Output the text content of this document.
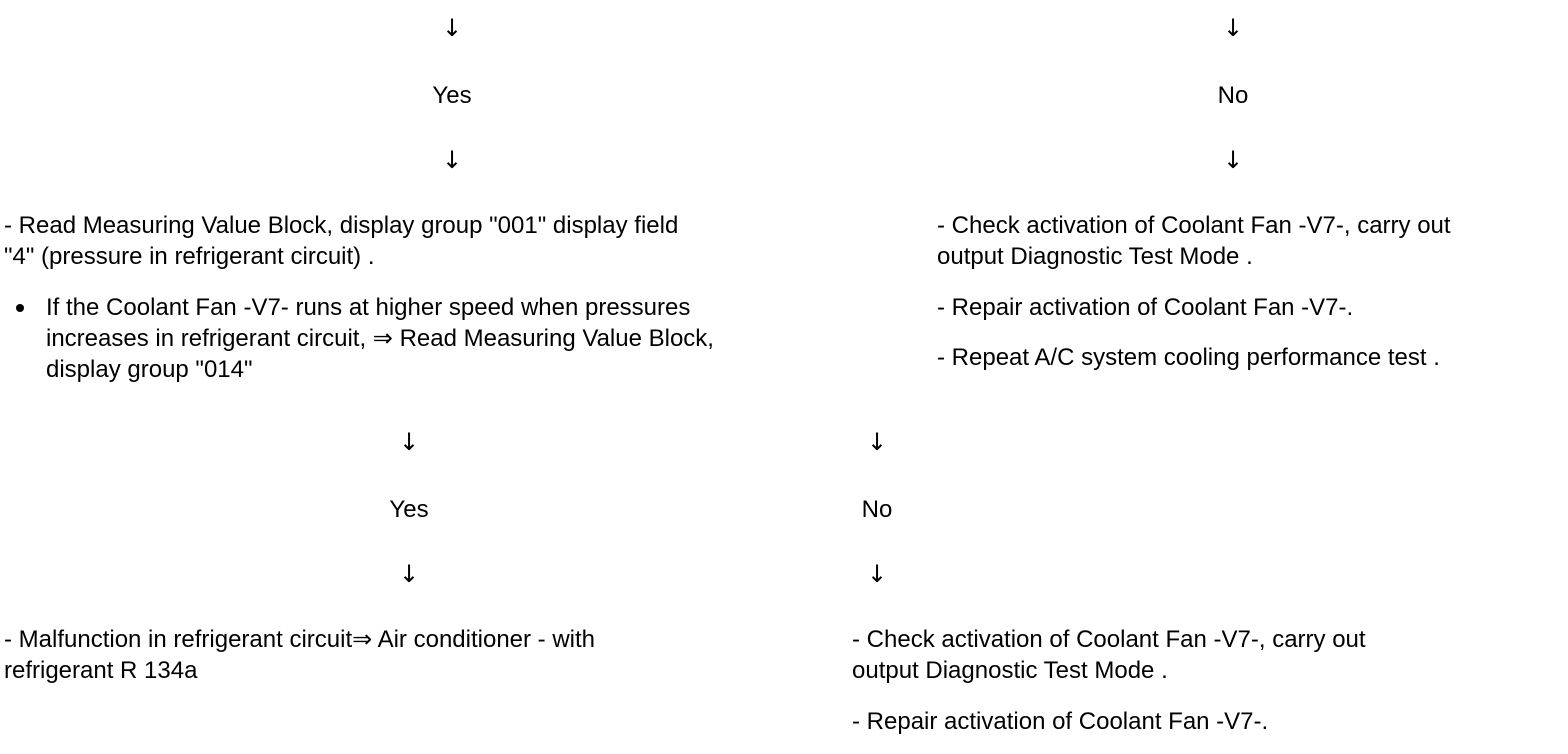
↓
Yes
↓
↓
No
↓

- Read Measuring Value Block, display group "001" display field

"4" (pressure in refrigerant circuit) .

If the Coolant Fan -V7- runs at higher speed when pressures

increases in refrigerant circuit, ⇒ Read Measuring Value Block,

display group "014"

- Check activation of Coolant Fan -V7-, carry out

output Diagnostic Test Mode .

- Repair activation of Coolant Fan -V7-.

- Repeat A/C system cooling performance test .

↓
Yes
↓

- Malfunction in refrigerant circuit⇒ Air conditioner - with

refrigerant R 134a

↓
No
↓

- Check activation of Coolant Fan -V7-, carry out

output Diagnostic Test Mode .

- Repair activation of Coolant Fan -V7-.
